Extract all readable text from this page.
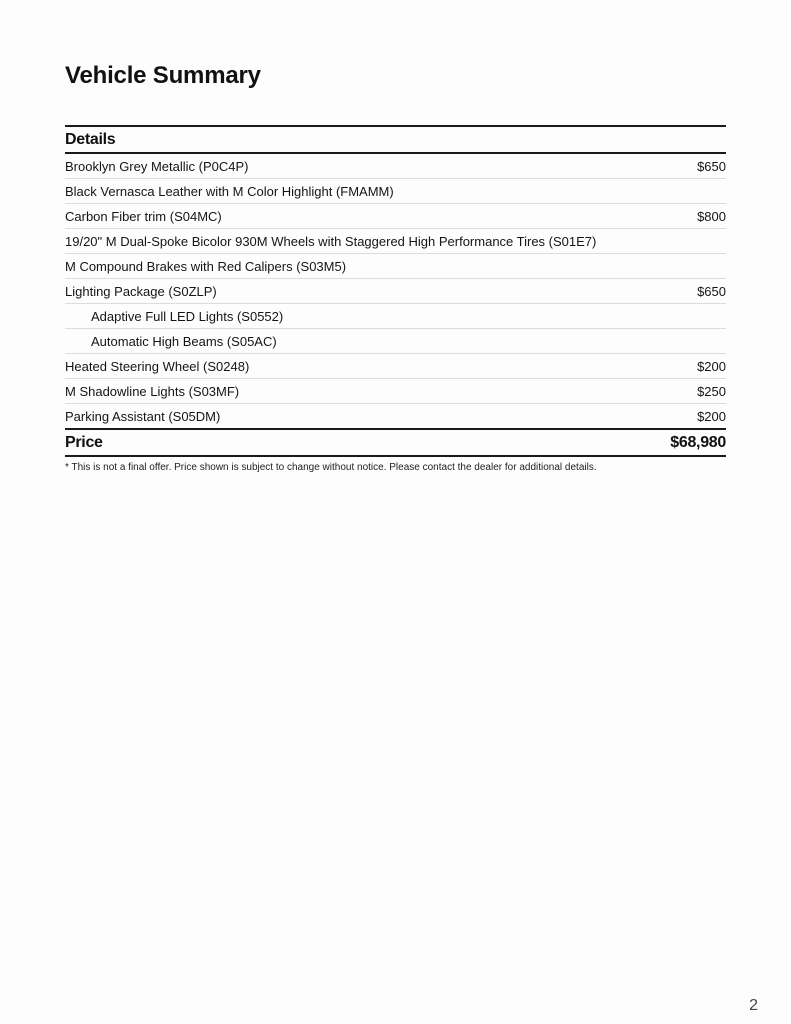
Vehicle Summary
Details
Brooklyn Grey Metallic (P0C4P)	$650
Black Vernasca Leather with M Color Highlight (FMAMM)
Carbon Fiber trim (S04MC)	$800
19/20" M Dual-Spoke Bicolor 930M Wheels with Staggered High Performance Tires (S01E7)
M Compound Brakes with Red Calipers (S03M5)
Lighting Package (S0ZLP)	$650
Adaptive Full LED Lights (S0552)
Automatic High Beams (S05AC)
Heated Steering Wheel (S0248)	$200
M Shadowline Lights (S03MF)	$250
Parking Assistant (S05DM)	$200
Price	$68,980
* This is not a final offer. Price shown is subject to change without notice. Please contact the dealer for additional details.
2
